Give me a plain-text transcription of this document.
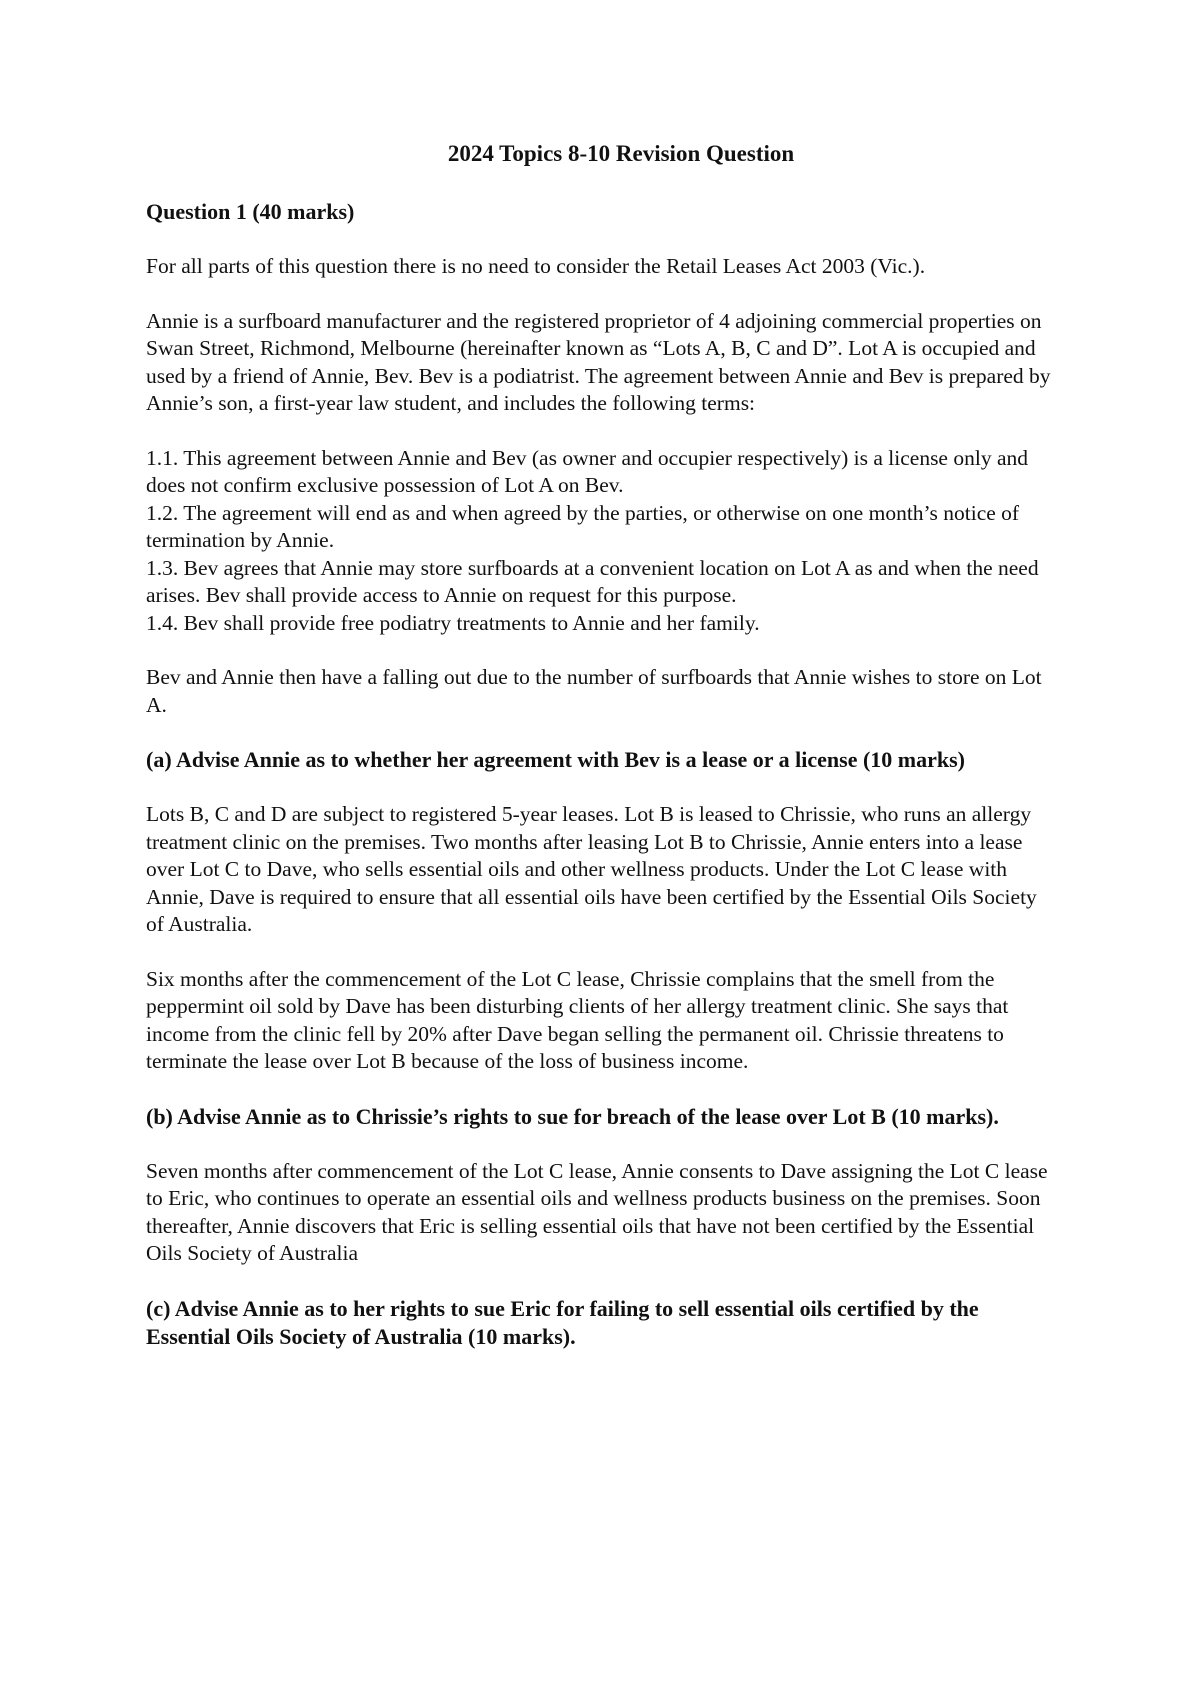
2024 Topics 8-10 Revision Question
Question 1 (40 marks)

For all parts of this question there is no need to consider the Retail Leases Act 2003 (Vic.).

Annie is a surfboard manufacturer and the registered proprietor of 4 adjoining commercial properties on Swan Street, Richmond, Melbourne (hereinafter known as “Lots A, B, C and D”. Lot A is occupied and used by a friend of Annie, Bev. Bev is a podiatrist. The agreement between Annie and Bev is prepared by Annie’s son, a first-year law student, and includes the following terms:

1.1. This agreement between Annie and Bev (as owner and occupier respectively) is a license only and does not confirm exclusive possession of Lot A on Bev.
1.2. The agreement will end as and when agreed by the parties, or otherwise on one month’s notice of termination by Annie.
1.3. Bev agrees that Annie may store surfboards at a convenient location on Lot A as and when the need arises. Bev shall provide access to Annie on request for this purpose.
1.4. Bev shall provide free podiatry treatments to Annie and her family.

Bev and Annie then have a falling out due to the number of surfboards that Annie wishes to store on Lot A.

(a) Advise Annie as to whether her agreement with Bev is a lease or a license (10 marks)

Lots B, C and D are subject to registered 5-year leases. Lot B is leased to Chrissie, who runs an allergy treatment clinic on the premises. Two months after leasing Lot B to Chrissie, Annie enters into a lease over Lot C to Dave, who sells essential oils and other wellness products. Under the Lot C lease with Annie, Dave is required to ensure that all essential oils have been certified by the Essential Oils Society of Australia.

Six months after the commencement of the Lot C lease, Chrissie complains that the smell from the peppermint oil sold by Dave has been disturbing clients of her allergy treatment clinic. She says that income from the clinic fell by 20% after Dave began selling the permanent oil. Chrissie threatens to terminate the lease over Lot B because of the loss of business income.

(b) Advise Annie as to Chrissie’s rights to sue for breach of the lease over Lot B (10 marks).

Seven months after commencement of the Lot C lease, Annie consents to Dave assigning the Lot C lease to Eric, who continues to operate an essential oils and wellness products business on the premises. Soon thereafter, Annie discovers that Eric is selling essential oils that have not been certified by the Essential Oils Society of Australia

(c) Advise Annie as to her rights to sue Eric for failing to sell essential oils certified by the Essential Oils Society of Australia (10 marks).
